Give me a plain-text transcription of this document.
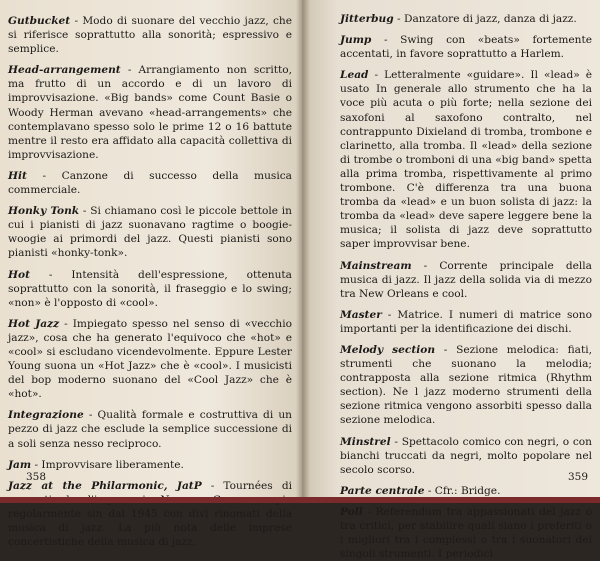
Gutbucket - Modo di suonare del vecchio jazz, che si riferisce soprattutto alla sonorità; espressivo e semplice.

Head-arrangement - Arrangiamento non scritto, ma frutto di un accordo e di un lavoro di improvvisazione. «Big bands» come Count Basie o Woody Herman avevano «head-arrangements» che contemplavano spesso solo le prime 12 o 16 battute mentre il resto era affidato alla capacità collettiva di improvvisazione.

Hit - Canzone di successo della musica commerciale.

Honky Tonk - Si chiamano così le piccole bettole in cui i pianisti di jazz suonavano ragtime o boogie-woogie ai primordi del jazz. Questi pianisti sono pianisti «honky-tonk».

Hot - Intensità dell'espressione, ottenuta soprattutto con la sonorità, il fraseggio e lo swing; «non» è l'opposto di «cool».

Hot Jazz - Impiegato spesso nel senso di «vecchio jazz», cosa che ha generato l'equivoco che «hot» e «cool» si escludano vicendevolmente. Eppure Lester Young suona un «Hot Jazz» che è «cool». I musicisti del bop moderno suonano del «Cool Jazz» che è «hot».

Integrazione - Qualità formale e costruttiva di un pezzo di jazz che esclude la semplice successione di a soli senza nesso reciproco.

Jam - Improvvisare liberamente.

Jazz at the Philarmonic, JatP - Tournées di regolarmente sin dal 1945 con divi rinomati della musica di jazz. La più nota delle imprese concertistiche della musica di jazz.

358

Jitterbug - Danzatore di jazz, danza di jazz.

Jump - Swing con «beats» fortemente accentati, in favore soprattutto a Harlem.

Lead - Letteralmente «guidare». Il «lead» è usato In generale allo strumento che ha la voce più acuta o più forte; nella sezione dei saxofoni al saxofono contralto, nel contrappunto Dixieland di tromba, trombone e clarinetto, alla tromba. Il «lead» della sezione di trombe o tromboni di una «big band» spetta alla prima tromba, rispettivamente al primo trombone. C'è differenza tra una buona tromba da «lead» e un buon solista di jazz: la tromba da «lead» deve sapere leggere bene la musica; il solista di jazz deve soprattutto saper improvvisar bene.

Mainstream - Corrente principale della musica di jazz. Il jazz della solida via di mezzo tra New Orleans e cool.

Master - Matrice. I numeri di matrice sono importanti per la identificazione dei dischi.

Melody section - Sezione melodica: fiati, strumenti che suonano la melodia; contrapposta alla sezione ritmica (Rhythm section). Ne l jazz moderno strumenti della sezione ritmica vengono assorbiti spesso dalla sezione melodica.

Minstrel - Spettacolo comico con negri, o con bianchi truccati da negri, molto popolare nel secolo scorso.

Parte centrale - Cfr.: Bridge.

Poll - Referendum tra appassionati del jazz o tra critici, per stabilire quali siano i preferiti o i migliori tra i complessi o tra i suonatori dei singoli strumenti. I periodici

359
